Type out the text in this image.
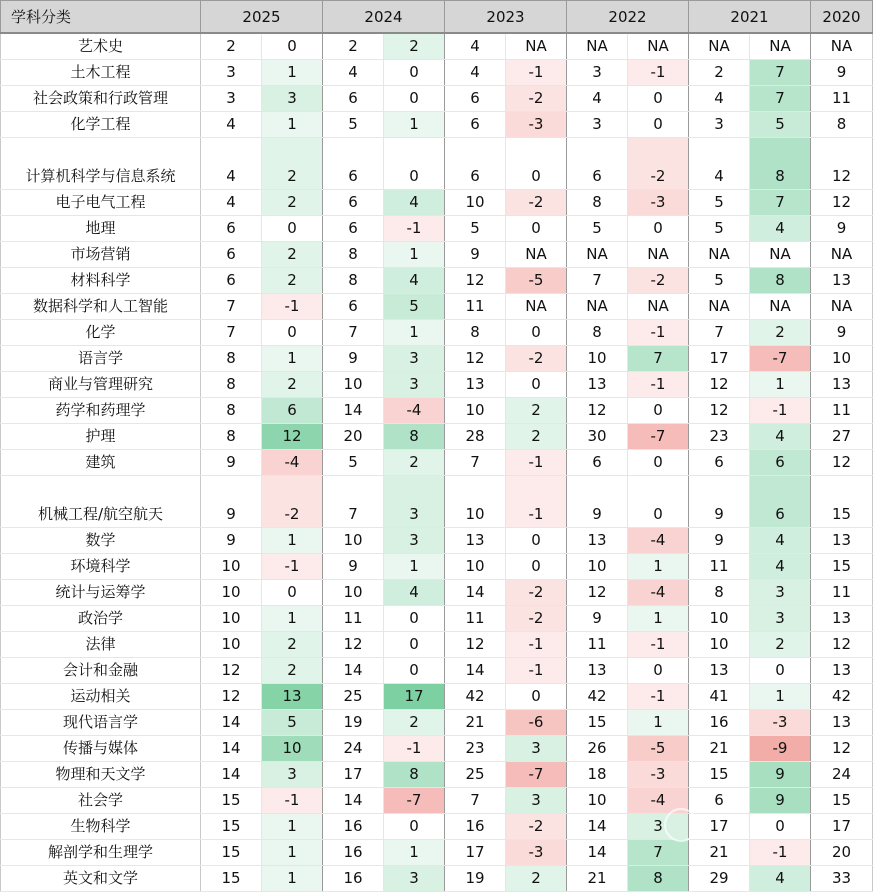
学科分类	2025		2024		2023		2022		2021		2020
艺术史	2	0	2	2	4	NA	NA	NA	NA	NA	NA
土木工程	3	1	4	0	4	-1	3	-1	2	7	9
社会政策和行政管理	3	3	6	0	6	-2	4	0	4	7	11
化学工程	4	1	5	1	6	-3	3	0	3	5	8
计算机科学与信息系统	4	2	6	0	6	0	6	-2	4	8	12
电子电气工程	4	2	6	4	10	-2	8	-3	5	7	12
地理	6	0	6	-1	5	0	5	0	5	4	9
市场营销	6	2	8	1	9	NA	NA	NA	NA	NA	NA
材料科学	6	2	8	4	12	-5	7	-2	5	8	13
数据科学和人工智能	7	-1	6	5	11	NA	NA	NA	NA	NA	NA
化学	7	0	7	1	8	0	8	-1	7	2	9
语言学	8	1	9	3	12	-2	10	7	17	-7	10
商业与管理研究	8	2	10	3	13	0	13	-1	12	1	13
药学和药理学	8	6	14	-4	10	2	12	0	12	-1	11
护理	8	12	20	8	28	2	30	-7	23	4	27
建筑	9	-4	5	2	7	-1	6	0	6	6	12
机械工程/航空航天	9	-2	7	3	10	-1	9	0	9	6	15
数学	9	1	10	3	13	0	13	-4	9	4	13
环境科学	10	-1	9	1	10	0	10	1	11	4	15
统计与运筹学	10	0	10	4	14	-2	12	-4	8	3	11
政治学	10	1	11	0	11	-2	9	1	10	3	13
法律	10	2	12	0	12	-1	11	-1	10	2	12
会计和金融	12	2	14	0	14	-1	13	0	13	0	13
运动相关	12	13	25	17	42	0	42	-1	41	1	42
现代语言学	14	5	19	2	21	-6	15	1	16	-3	13
传播与媒体	14	10	24	-1	23	3	26	-5	21	-9	12
物理和天文学	14	3	17	8	25	-7	18	-3	15	9	24
社会学	15	-1	14	-7	7	3	10	-4	6	9	15
生物科学	15	1	16	0	16	-2	14	3	17	0	17
解剖学和生理学	15	1	16	1	17	-3	14	7	21	-1	20
英文和文学	15	1	16	3	19	2	21	8	29	4	33
